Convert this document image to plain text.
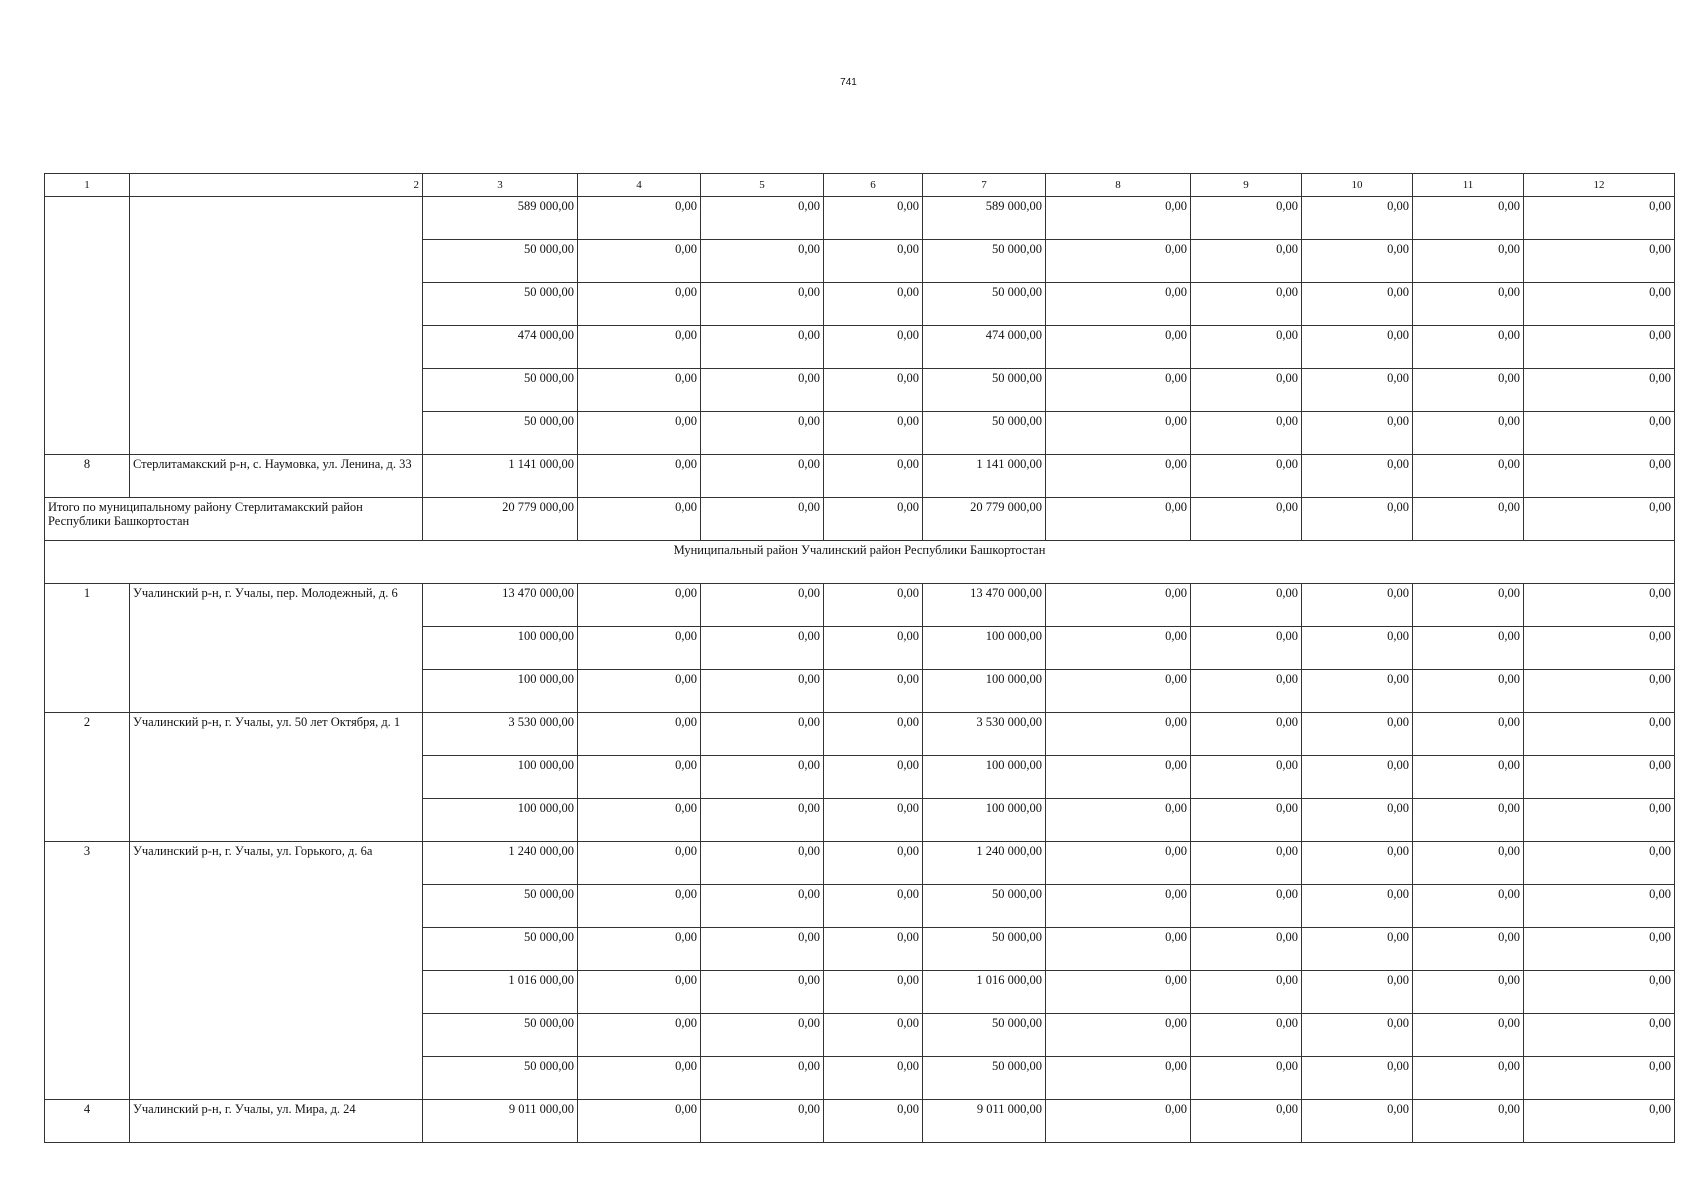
741
1	2	3	4	5	6	7	8	9	10	11	12
		589 000,00	0,00	0,00	0,00	589 000,00	0,00	0,00	0,00	0,00	0,00
		50 000,00	0,00	0,00	0,00	50 000,00	0,00	0,00	0,00	0,00	0,00
		50 000,00	0,00	0,00	0,00	50 000,00	0,00	0,00	0,00	0,00	0,00
		474 000,00	0,00	0,00	0,00	474 000,00	0,00	0,00	0,00	0,00	0,00
		50 000,00	0,00	0,00	0,00	50 000,00	0,00	0,00	0,00	0,00	0,00
		50 000,00	0,00	0,00	0,00	50 000,00	0,00	0,00	0,00	0,00	0,00
8	Стерлитамакский р-н, с. Наумовка, ул. Ленина, д. 33	1 141 000,00	0,00	0,00	0,00	1 141 000,00	0,00	0,00	0,00	0,00	0,00
Итого по муниципальному району Стерлитамакский район Республики Башкортостан		20 779 000,00	0,00	0,00	0,00	20 779 000,00	0,00	0,00	0,00	0,00	0,00
Муниципальный район Учалинский район Республики Башкортостан											
1	Учалинский р-н, г. Учалы, пер. Молодежный, д. 6	13 470 000,00	0,00	0,00	0,00	13 470 000,00	0,00	0,00	0,00	0,00	0,00
		100 000,00	0,00	0,00	0,00	100 000,00	0,00	0,00	0,00	0,00	0,00
		100 000,00	0,00	0,00	0,00	100 000,00	0,00	0,00	0,00	0,00	0,00
2	Учалинский р-н, г. Учалы, ул. 50 лет Октября, д. 1	3 530 000,00	0,00	0,00	0,00	3 530 000,00	0,00	0,00	0,00	0,00	0,00
		100 000,00	0,00	0,00	0,00	100 000,00	0,00	0,00	0,00	0,00	0,00
		100 000,00	0,00	0,00	0,00	100 000,00	0,00	0,00	0,00	0,00	0,00
3	Учалинский р-н, г. Учалы, ул. Горького, д. 6а	1 240 000,00	0,00	0,00	0,00	1 240 000,00	0,00	0,00	0,00	0,00	0,00
		50 000,00	0,00	0,00	0,00	50 000,00	0,00	0,00	0,00	0,00	0,00
		50 000,00	0,00	0,00	0,00	50 000,00	0,00	0,00	0,00	0,00	0,00
		1 016 000,00	0,00	0,00	0,00	1 016 000,00	0,00	0,00	0,00	0,00	0,00
		50 000,00	0,00	0,00	0,00	50 000,00	0,00	0,00	0,00	0,00	0,00
		50 000,00	0,00	0,00	0,00	50 000,00	0,00	0,00	0,00	0,00	0,00
4	Учалинский р-н, г. Учалы, ул. Мира, д. 24	9 011 000,00	0,00	0,00	0,00	9 011 000,00	0,00	0,00	0,00	0,00	0,00
